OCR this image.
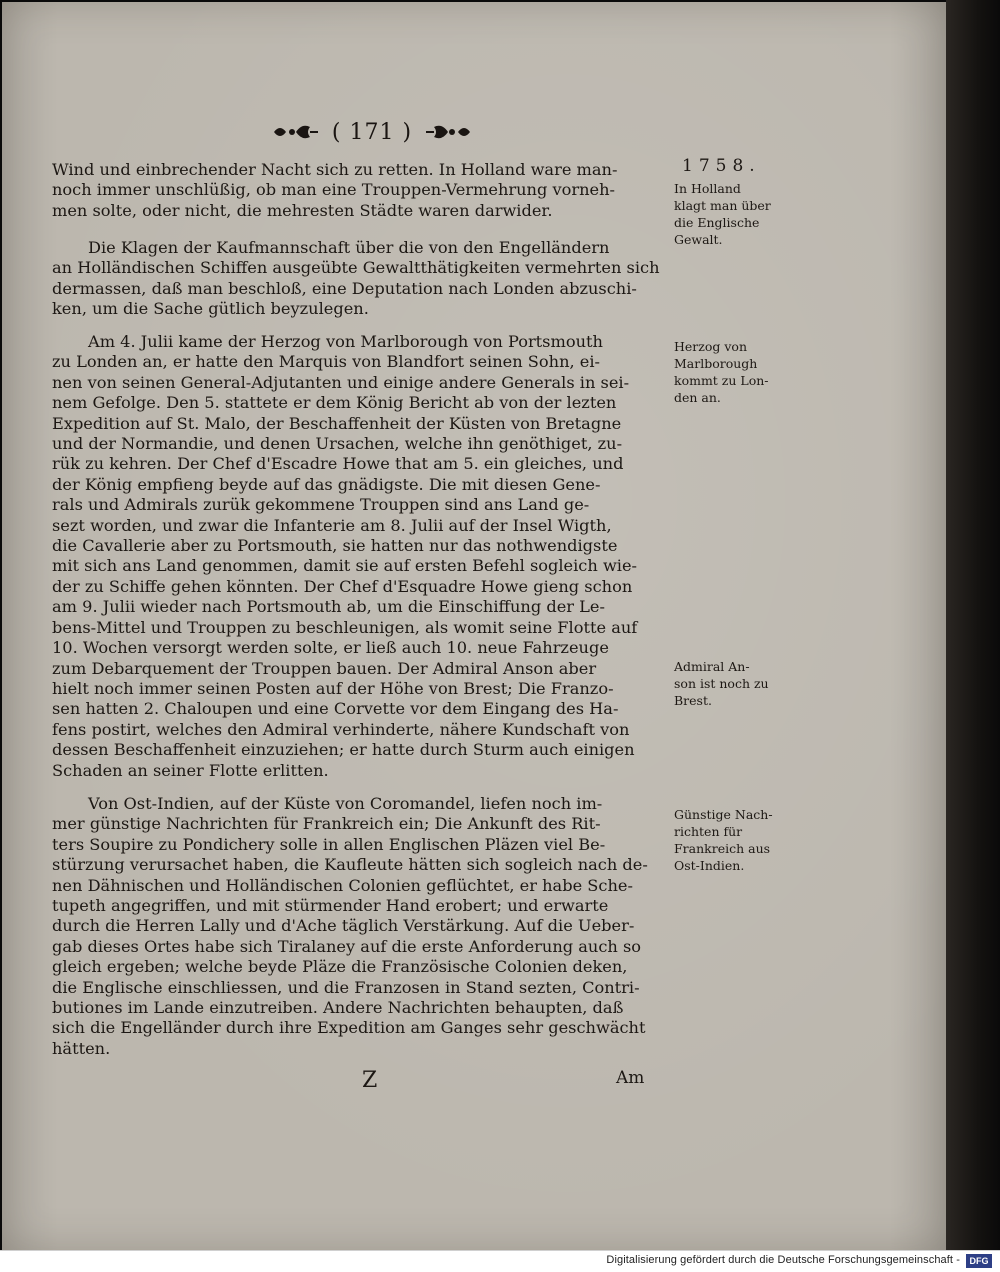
( 171 )
1758.
Wind und einbrechender Nacht sich zu retten. In Holland ware man-
noch immer unschlüßig, ob man eine Trouppen-Vermehrung vorneh-
men solte, oder nicht, die mehresten Städte waren darwider.
Die Klagen der Kaufmannschaft über die von den Engelländern
an Holländischen Schiffen ausgeübte Gewaltthätigkeiten vermehrten sich
dermassen, daß man beschloß, eine Deputation nach Londen abzuschi-
ken, um die Sache gütlich beyzulegen.
Am 4. Julii kame der Herzog von Marlborough von Portsmouth
zu Londen an, er hatte den Marquis von Blandfort seinen Sohn, ei-
nen von seinen General-Adjutanten und einige andere Generals in sei-
nem Gefolge. Den 5. stattete er dem König Bericht ab von der lezten
Expedition auf St. Malo, der Beschaffenheit der Küsten von Bretagne
und der Normandie, und denen Ursachen, welche ihn genöthiget, zu-
rük zu kehren. Der Chef d'Escadre Howe that am 5. ein gleiches, und
der König empfieng beyde auf das gnädigste. Die mit diesen Gene-
rals und Admirals zurük gekommene Trouppen sind ans Land ge-
sezt worden, und zwar die Infanterie am 8. Julii auf der Insel Wigth,
die Cavallerie aber zu Portsmouth, sie hatten nur das nothwendigste
mit sich ans Land genommen, damit sie auf ersten Befehl sogleich wie-
der zu Schiffe gehen könnten. Der Chef d'Esquadre Howe gieng schon
am 9. Julii wieder nach Portsmouth ab, um die Einschiffung der Le-
bens-Mittel und Trouppen zu beschleunigen, als womit seine Flotte auf
10. Wochen versorgt werden solte, er ließ auch 10. neue Fahrzeuge
zum Debarquement der Trouppen bauen. Der Admiral Anson aber
hielt noch immer seinen Posten auf der Höhe von Brest; Die Franzo-
sen hatten 2. Chaloupen und eine Corvette vor dem Eingang des Ha-
fens postirt, welches den Admiral verhinderte, nähere Kundschaft von
dessen Beschaffenheit einzuziehen; er hatte durch Sturm auch einigen
Schaden an seiner Flotte erlitten.
Von Ost-Indien, auf der Küste von Coromandel, liefen noch im-
mer günstige Nachrichten für Frankreich ein; Die Ankunft des Rit-
ters Soupire zu Pondichery solle in allen Englischen Pläzen viel Be-
stürzung verursachet haben, die Kaufleute hätten sich sogleich nach de-
nen Dähnischen und Holländischen Colonien geflüchtet, er habe Sche-
tupeth angegriffen, und mit stürmender Hand erobert; und erwarte
durch die Herren Lally und d'Ache täglich Verstärkung. Auf die Ueber-
gab dieses Ortes habe sich Tiralaney auf die erste Anforderung auch so
gleich ergeben; welche beyde Pläze die Französische Colonien deken,
die Englische einschliessen, und die Franzosen in Stand sezten, Contri-
butiones im Lande einzutreiben. Andere Nachrichten behaupten, daß
sich die Engelländer durch ihre Expedition am Ganges sehr geschwächt
hätten.
In Holland
klagt man über
die Englische
Gewalt.
Herzog von
Marlborough
kommt zu Lon-
den an.
Admiral An-
son ist noch zu
Brest.
Günstige Nach-
richten für
Frankreich aus
Ost-Indien.
Z	Am
Digitalisierung gefördert durch die Deutsche Forschungsgemeinschaft -	DFG
